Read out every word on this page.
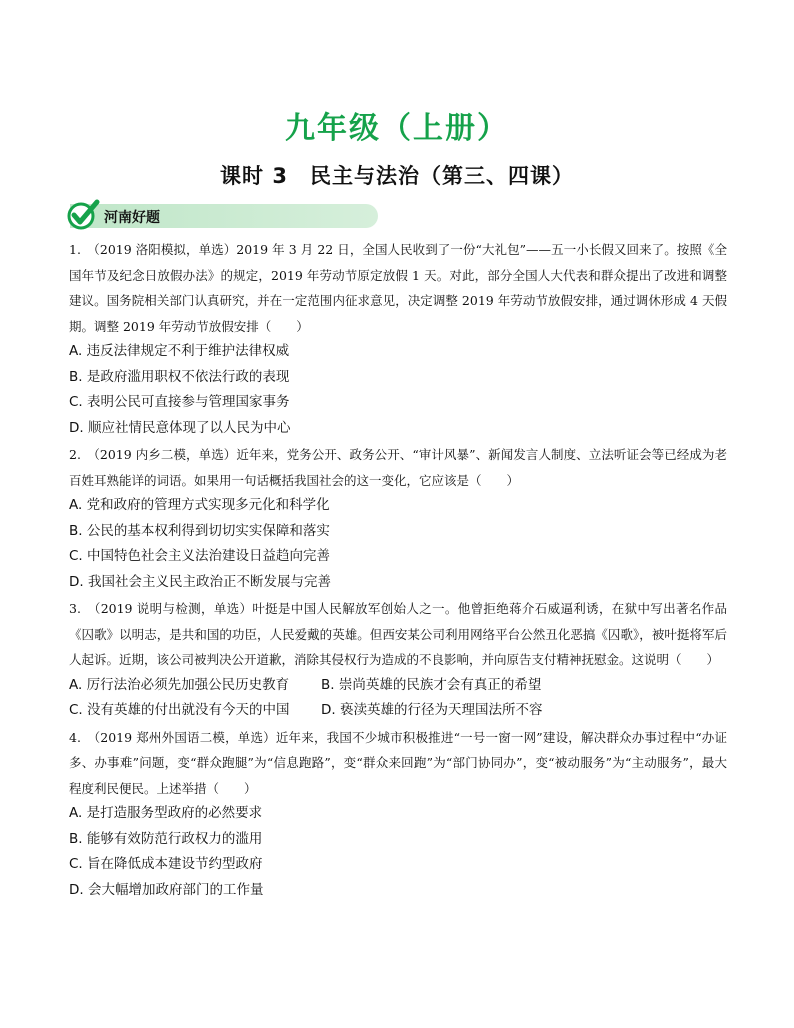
九年级（上册）
课时 3　民主与法治（第三、四课）
河南好题

1.　（2019 洛阳模拟，单选）2019 年 3 月 22 日，全国人民收到了一份“大礼包”——五一小长假又回来了。按照《全国年节及纪念日放假办法》的规定，2019 年劳动节原定放假 1 天。对此，部分全国人大代表和群众提出了改进和调整建议。国务院相关部门认真研究，并在一定范围内征求意见，决定调整 2019 年劳动节放假安排，通过调休形成 4 天假期。调整 2019 年劳动节放假安排（　　）

A. 违反法律规定不利于维护法律权威
B. 是政府滥用职权不依法行政的表现
C. 表明公民可直接参与管理国家事务
D. 顺应社情民意体现了以人民为中心

2.　（2019 内乡二模，单选）近年来，党务公开、政务公开、“审计风暴”、新闻发言人制度、立法听证会等已经成为老百姓耳熟能详的词语。如果用一句话概括我国社会的这一变化，它应该是（　　）

A. 党和政府的管理方式实现多元化和科学化
B. 公民的基本权利得到切切实实保障和落实
C. 中国特色社会主义法治建设日益趋向完善
D. 我国社会主义民主政治正不断发展与完善

3.　（2019 说明与检测，单选）叶挺是中国人民解放军创始人之一。他曾拒绝蒋介石威逼利诱，在狱中写出著名作品《囚歌》以明志，是共和国的功臣，人民爱戴的英雄。但西安某公司利用网络平台公然丑化恶搞《囚歌》，被叶挺将军后人起诉。近期，该公司被判决公开道歉，消除其侵权行为造成的不良影响，并向原告支付精神抚慰金。这说明（　　）

A. 厉行法治必须先加强公民历史教育	B. 崇尚英雄的民族才会有真正的希望
C. 没有英雄的付出就没有今天的中国	D. 亵渎英雄的行径为天理国法所不容

4.　（2019 郑州外国语二模，单选）近年来，我国不少城市积极推进“一号一窗一网”建设，解决群众办事过程中“办证多、办事难”问题，变“群众跑腿”为“信息跑路”，变“群众来回跑”为“部门协同办”，变“被动服务”为“主动服务”，最大程度利民便民。上述举措（　　）

A. 是打造服务型政府的必然要求
B. 能够有效防范行政权力的滥用
C. 旨在降低成本建设节约型政府
D. 会大幅增加政府部门的工作量
